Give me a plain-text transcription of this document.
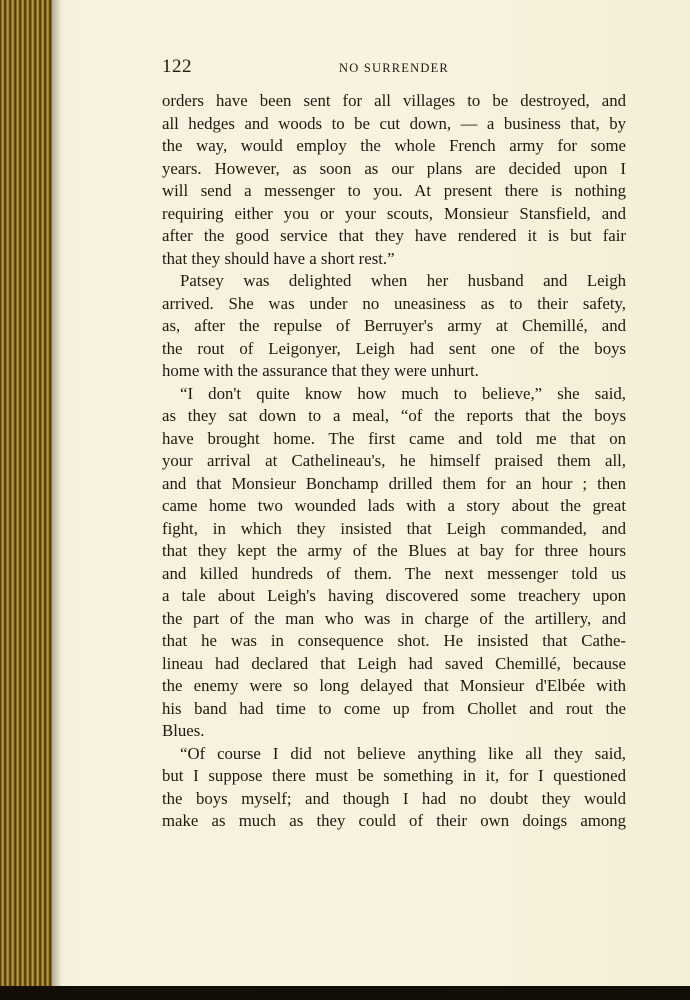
122	NO SURRENDER
orders have been sent for all villages to be destroyed, and
all hedges and woods to be cut down, — a business that, by
the way, would employ the whole French army for some
years. However, as soon as our plans are decided upon I
will send a messenger to you. At present there is nothing
requiring either you or your scouts, Monsieur Stansfield, and
after the good service that they have rendered it is but fair
that they should have a short rest.”
Patsey was delighted when her husband and Leigh
arrived. She was under no uneasiness as to their safety,
as, after the repulse of Berruyer's army at Chemillé, and
the rout of Leigonyer, Leigh had sent one of the boys
home with the assurance that they were unhurt.
“I don't quite know how much to believe,” she said,
as they sat down to a meal, “of the reports that the boys
have brought home. The first came and told me that on
your arrival at Cathelineau's, he himself praised them all,
and that Monsieur Bonchamp drilled them for an hour ; then
came home two wounded lads with a story about the great
fight, in which they insisted that Leigh commanded, and
that they kept the army of the Blues at bay for three hours
and killed hundreds of them. The next messenger told us
a tale about Leigh's having discovered some treachery upon
the part of the man who was in charge of the artillery, and
that he was in consequence shot. He insisted that Cathe-
lineau had declared that Leigh had saved Chemillé, because
the enemy were so long delayed that Monsieur d'Elbée with
his band had time to come up from Chollet and rout the
Blues.
“Of course I did not believe anything like all they said,
but I suppose there must be something in it, for I questioned
the boys myself; and though I had no doubt they would
make as much as they could of their own doings among
